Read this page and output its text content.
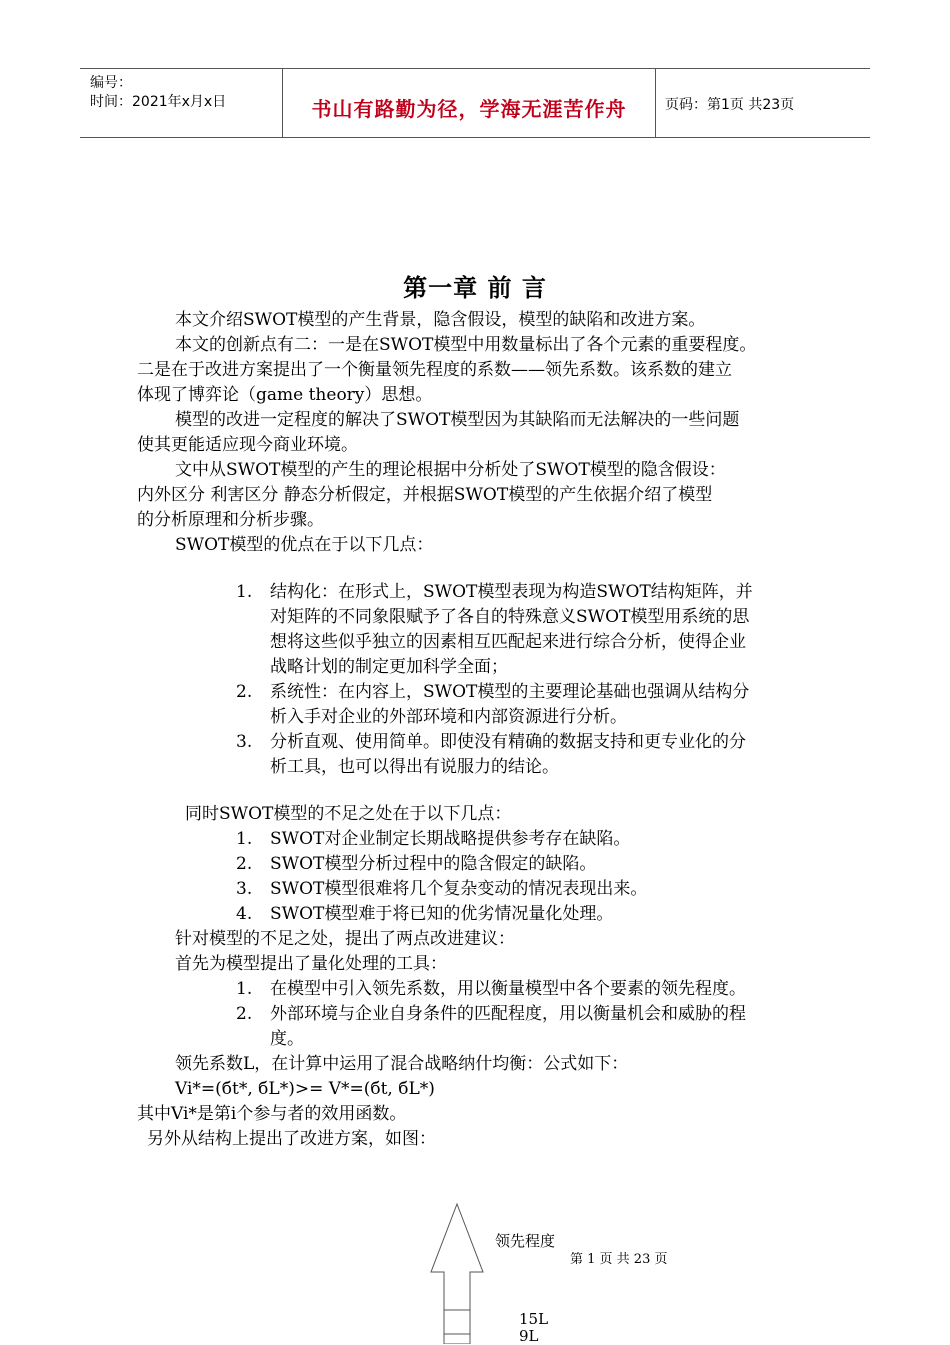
编号：
时间：2021年x月x日	书山有路勤为径，学海无涯苦作舟	页码：第1页 共23页
第一章 前 言
本文介绍SWOT模型的产生背景，隐含假设，模型的缺陷和改进方案。
本文的创新点有二：一是在SWOT模型中用数量标出了各个元素的重要程度。
二是在于改进方案提出了一个衡量领先程度的系数——领先系数。该系数的建立
体现了博弈论（game theory）思想。
模型的改进一定程度的解决了SWOT模型因为其缺陷而无法解决的一些问题
使其更能适应现今商业环境。
文中从SWOT模型的产生的理论根据中分析处了SWOT模型的隐含假设：
内外区分 利害区分 静态分析假定，并根据SWOT模型的产生依据介绍了模型
的分析原理和分析步骤。
SWOT模型的优点在于以下几点：
1. 结构化：在形式上，SWOT模型表现为构造SWOT结构矩阵，并
对矩阵的不同象限赋予了各自的特殊意义SWOT模型用系统的思
想将这些似乎独立的因素相互匹配起来进行综合分析，使得企业
战略计划的制定更加科学全面；
2. 系统性：在内容上，SWOT模型的主要理论基础也强调从结构分
析入手对企业的外部环境和内部资源进行分析。
3. 分析直观、使用简单。即使没有精确的数据支持和更专业化的分
析工具，也可以得出有说服力的结论。
同时SWOT模型的不足之处在于以下几点：
1. SWOT对企业制定长期战略提供参考存在缺陷。
2. SWOT模型分析过程中的隐含假定的缺陷。
3. SWOT模型很难将几个复杂变动的情况表现出来。
4. SWOT模型难于将已知的优劣情况量化处理。
针对模型的不足之处，提出了两点改进建议：
首先为模型提出了量化处理的工具：
1. 在模型中引入领先系数，用以衡量模型中各个要素的领先程度。
2. 外部环境与企业自身条件的匹配程度，用以衡量机会和威胁的程
度。
领先系数L，在计算中运用了混合战略纳什均衡：公式如下：
Vi*=(бt*, бL*)>= V*=(бt, бL*)
其中Vi*是第i个参与者的效用函数。
另外从结构上提出了改进方案，如图：
领先程度
15L
9L
第 1 页 共 23 页
